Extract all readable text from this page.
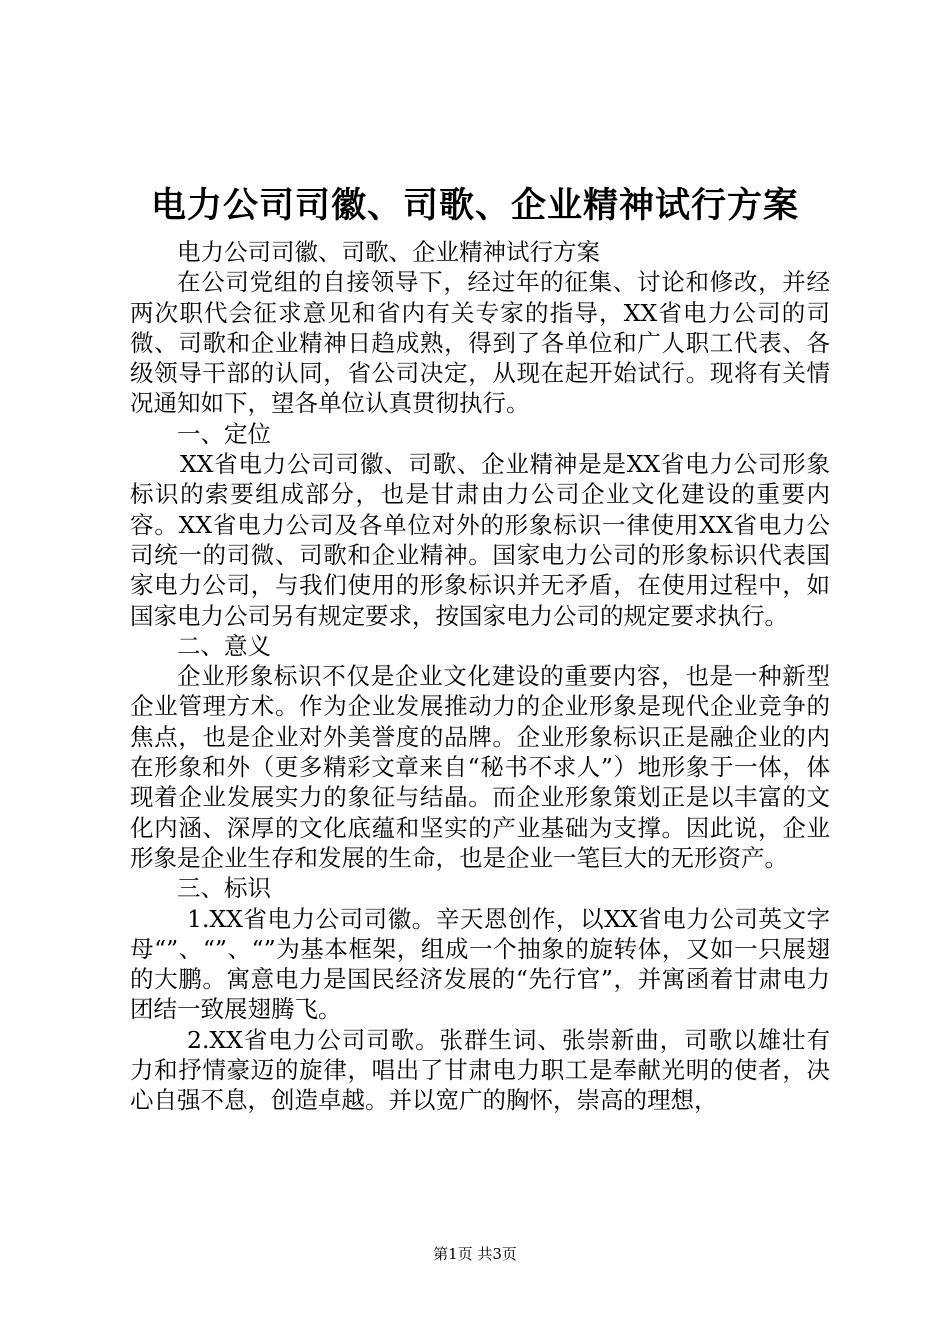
电力公司司徽、司歌、企业精神试行方案

电力公司司徽、司歌、企业精神试行方案

在公司党组的自接领导下，经过年的征集、讨论和修改，并经两次职代会征求意见和省内有关专家的指导，XX省电力公司的司微、司歌和企业精神日趋成熟，得到了各单位和广人职工代表、各级领导干部的认同，省公司决定，从现在起开始试行。现将有关情况通知如下，望各单位认真贯彻执行。

一、定位

XX省电力公司司徽、司歌、企业精神是是XX省电力公司形象标识的索要组成部分，也是甘肃由力公司企业文化建设的重要内容。XX省电力公司及各单位对外的形象标识一律使用XX省电力公司统一的司微、司歌和企业精神。国家电力公司的形象标识代表国家电力公司，与我们使用的形象标识并无矛盾，在使用过程中，如国家电力公司另有规定要求，按国家电力公司的规定要求执行。

二、意义

企业形象标识不仅是企业文化建设的重要内容，也是一种新型企业管理方术。作为企业发展推动力的企业形象是现代企业竞争的焦点，也是企业对外美誉度的品牌。企业形象标识正是融企业的内在形象和外（更多精彩文章来自“秘书不求人”）地形象于一体，体现着企业发展实力的象征与结晶。而企业形象策划正是以丰富的文化内涵、深厚的文化底蕴和坚实的产业基础为支撑。因此说，企业形象是企业生存和发展的生命，也是企业一笔巨大的无形资产。

三、标识

1.XX省电力公司司徽。辛天恩创作，以XX省电力公司英文字母“”、“”、“”为基本框架，组成一个抽象的旋转体，又如一只展翅的大鹏。寓意电力是国民经济发展的“先行官”，并寓函着甘肃电力团结一致展翅腾飞。

2.XX省电力公司司歌。张群生词、张崇新曲，司歌以雄壮有力和抒情豪迈的旋律，唱出了甘肃电力职工是奉献光明的使者，决心自强不息，创造卓越。并以宽广的胸怀，崇高的理想，

第1页 共3页
